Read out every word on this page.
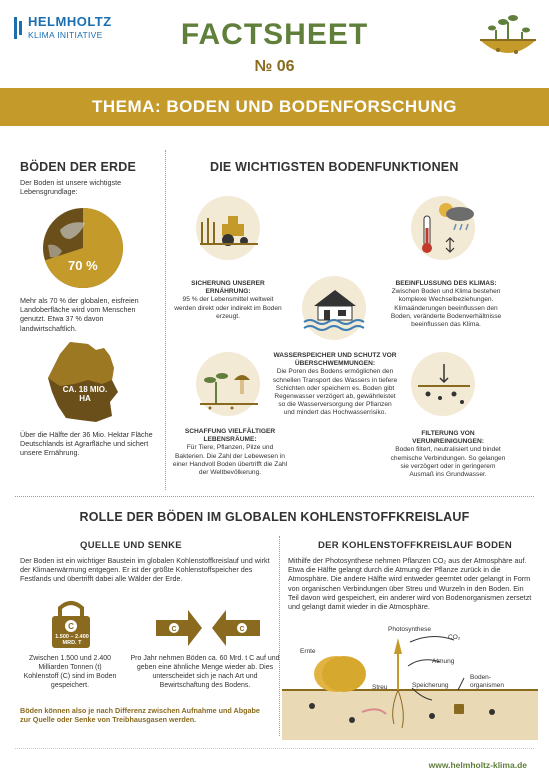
HELMHOLTZ
KLIMA INITIATIVE	FACTSHEET
№ 06
THEMA: BODEN UND BODENFORSCHUNG
BÖDEN DER ERDE
Der Boden ist unsere wichtigste Lebensgrundlage:
70 %
Mehr als 70 % der globalen, eisfreien Landoberfläche wird vom Menschen genutzt. Etwa 37 % davon landwirtschaftlich.
CA. 18 MIO.
HA
Über die Hälfte der 36 Mio. Hektar Fläche Deutschlands ist Agrarfläche und sichert unsere Ernährung.
DIE WICHTIGSTEN BODENFUNKTIONEN
SICHERUNG UNSERER ERNÄHRUNG:
95 % der Lebensmittel weltweit werden direkt oder indirekt im Boden erzeugt.
BEEINFLUSSUNG DES KLIMAS:
Zwischen Boden und Klima bestehen komplexe Wechselbeziehungen. Klimaänderungen beeinflussen den Boden, veränderte Bodenverhältnisse beeinflussen das Klima.
WASSERSPEICHER UND SCHUTZ VOR ÜBERSCHWEMMUNGEN:
Die Poren des Bodens ermöglichen den schnellen Transport des Wassers in tiefere Schichten oder speichern es. Boden gibt Regenwasser verzögert ab, gewährleistet so die Wasserversorgung der Pflanzen und mindert das Hochwasserrisiko.
SCHAFFUNG VIELFÄLTIGER LEBENSRÄUME:
Für Tiere, Pflanzen, Pilze und Bakterien. Die Zahl der Lebewesen in einer Handvoll Boden übertrifft die Zahl der Weltbevölkerung.
FILTERUNG VON VERUNREINIGUNGEN:
Boden filtert, neutralisiert und bindet chemische Verbindungen. So gelangen sie verzögert oder in geringerem Ausmaß ins Grundwasser.
ROLLE DER BÖDEN IM GLOBALEN KOHLENSTOFFKREISLAUF
QUELLE UND SENKE
Der Boden ist ein wichtiger Baustein im globalen Kohlenstoffkreislauf und wirkt der Klimaerwärmung entgegen. Er ist der größte Kohlenstoffspeicher des Festlands und übertrifft dabei alle Wälder der Erde.
C
1.500 – 2.400 MRD. T
Zwischen 1.500 und 2.400 Milliarden Tonnen (t) Kohlenstoff (C) sind im Boden gespeichert.
C	C
60 MRD. T	60 MRD. T
Pro Jahr nehmen Böden ca. 60 Mrd. t C auf und geben eine ähnliche Menge wieder ab. Dies unterscheidet sich je nach Art und Bewirtschaftung des Bodens.
Böden können also je nach Differenz zwischen Aufnahme und Abgabe zur Quelle oder Senke von Treibhausgasen werden.
DER KOHLENSTOFFKREISLAUF BODEN
Mithilfe der Photosynthese nehmen Pflanzen CO₂ aus der Atmosphäre auf. Etwa die Hälfte gelangt durch die Atmung der Pflanze zurück in die Atmosphäre. Die andere Hälfte wird entweder geerntet oder gelangt in Form von organischen Verbindungen über Streu und Wurzeln in den Boden. Ein Teil davon wird gespeichert, ein anderer wird von Bodenorganismen zersetzt und gelangt damit wieder in die Atmosphäre.
Photosynthese
CO₂
Ernte
Atmung
Streu	Speicherung
Boden-
organismen
www.helmholtz-klima.de
